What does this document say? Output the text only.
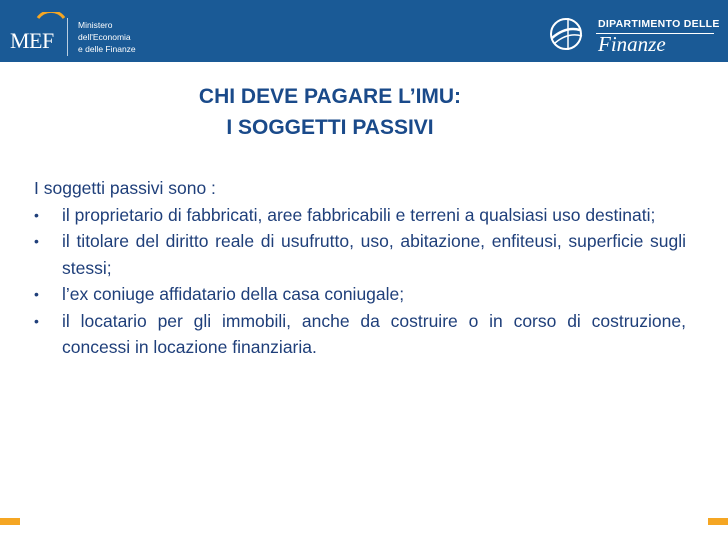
MEF
Ministero
dell'Economia
e delle Finanze
DIPARTIMENTO DELLE
Finanze
CHI DEVE PAGARE L’IMU:
I SOGGETTI PASSIVI
I soggetti passivi sono :
• il proprietario di fabbricati, aree fabbricabili e terreni a qualsiasi uso destinati;
• il titolare del diritto reale di usufrutto, uso, abitazione, enfiteusi, superficie sugli stessi;
• l’ex coniuge affidatario della casa coniugale;
• il locatario per gli immobili, anche da costruire o in corso di costruzione, concessi in locazione finanziaria.
